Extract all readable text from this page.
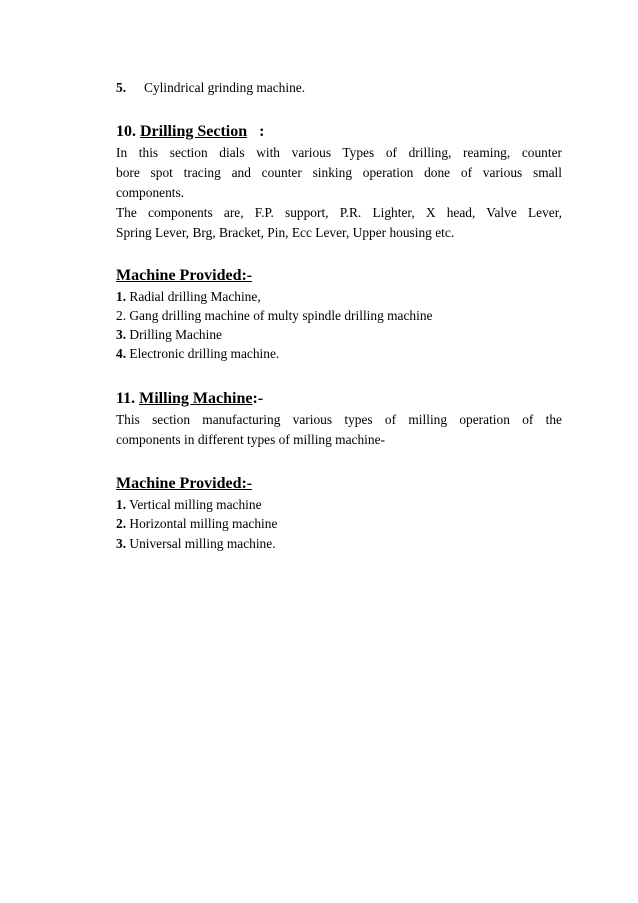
5. Cylindrical grinding machine.
10. Drilling Section :
In this section dials with various Types of drilling, reaming, counter
bore spot tracing and counter sinking operation done of various small
components.
The components are, F.P. support, P.R. Lighter, X head, Valve Lever,
Spring Lever, Brg, Bracket, Pin, Ecc Lever, Upper housing etc.
Machine Provided:-
1. Radial drilling Machine,
2. Gang drilling machine of multy spindle drilling machine
3. Drilling Machine
4. Electronic drilling machine.
11. Milling Machine:-
This section manufacturing various types of milling operation of the
components in different types of milling machine-
Machine Provided:-
1. Vertical milling machine
2. Horizontal milling machine
3. Universal milling machine.
